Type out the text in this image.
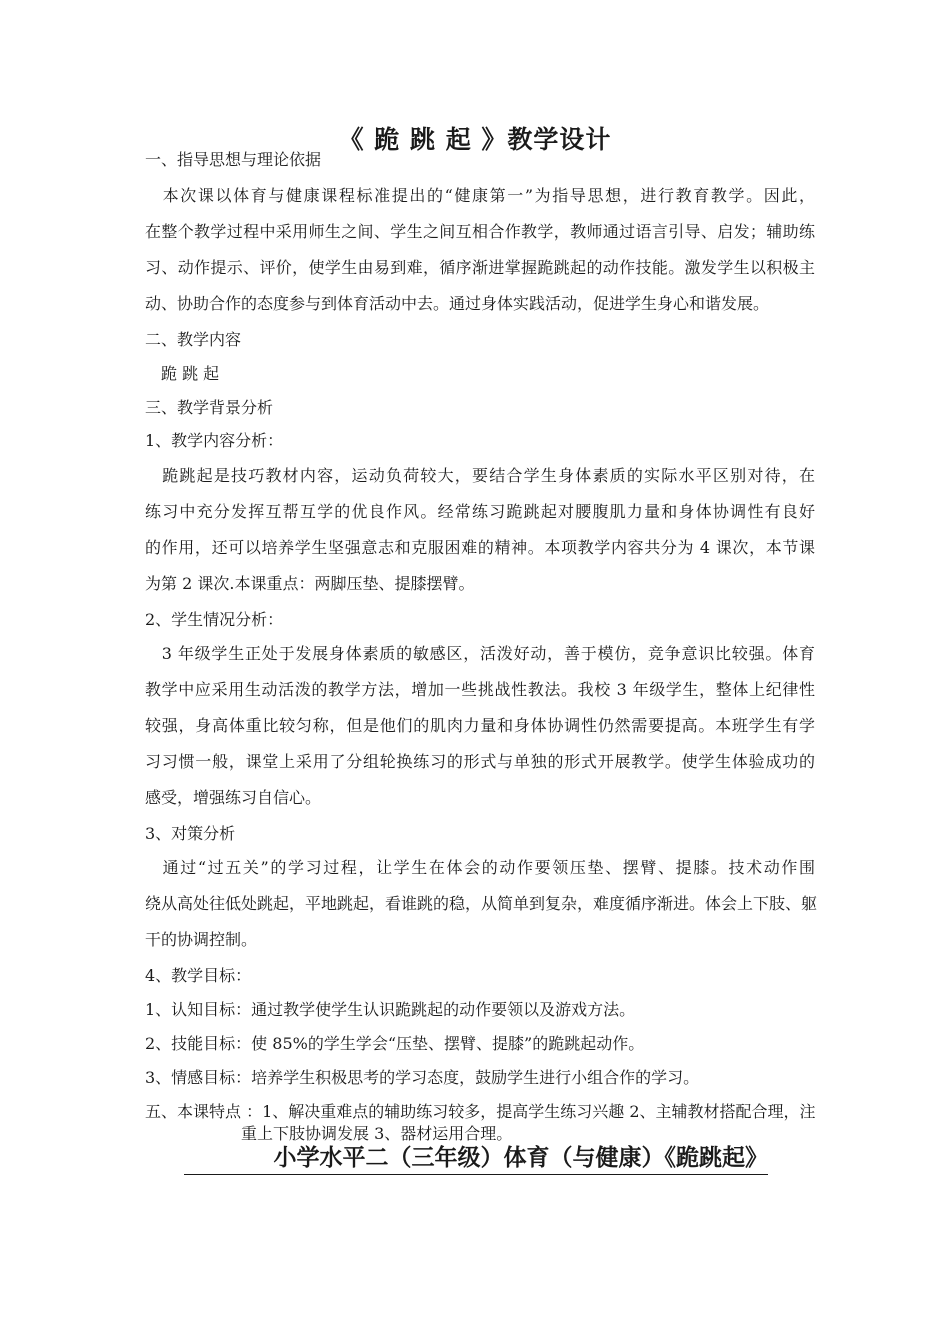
《 跪 跳 起 》教学设计
一、指导思想与理论依据
　本次课以体育与健康课程标准提出的“健康第一”为指导思想，进行教育教学。因此，
在整个教学过程中采用师生之间、学生之间互相合作教学，教师通过语言引导、启发；辅助练
习、动作提示、评价，使学生由易到难，循序渐进掌握跪跳起的动作技能。激发学生以积极主
动、协助合作的态度参与到体育活动中去。通过身体实践活动，促进学生身心和谐发展。
二、教学内容
　跪 跳 起
三、教学背景分析
1、教学内容分析：
　跪跳起是技巧教材内容，运动负荷较大，要结合学生身体素质的实际水平区别对待，在
练习中充分发挥互帮互学的优良作风。经常练习跪跳起对腰腹肌力量和身体协调性有良好
的作用，还可以培养学生坚强意志和克服困难的精神。本项教学内容共分为 4 课次，本节课
为第 2 课次.本课重点：两脚压垫、提膝摆臂。
2、学生情况分析：
　3 年级学生正处于发展身体素质的敏感区，活泼好动，善于模仿，竞争意识比较强。体育
教学中应采用生动活泼的教学方法，增加一些挑战性教法。我校 3 年级学生，整体上纪律性
较强，身高体重比较匀称，但是他们的肌肉力量和身体协调性仍然需要提高。本班学生有学
习习惯一般，课堂上采用了分组轮换练习的形式与单独的形式开展教学。使学生体验成功的
感受，增强练习自信心。
3、对策分析
　通过“过五关”的学习过程，让学生在体会的动作要领压垫、摆臂、提膝。技术动作围
绕从高处往低处跳起，平地跳起，看谁跳的稳，从简单到复杂，难度循序渐进。体会上下肢、躯
干的协调控制。
4、教学目标：
1、认知目标：通过教学使学生认识跪跳起的动作要领以及游戏方法。
2、技能目标：使 85%的学生学会“压垫、摆臂、提膝”的跪跳起动作。
3、情感目标：培养学生积极思考的学习态度，鼓励学生进行小组合作的学习。
五、本课特点 ：1、解决重难点的辅助练习较多，提高学生练习兴趣 2、主辅教材搭配合理，注
　　　　　　重上下肢协调发展 3、器材运用合理。
小学水平二（三年级）体育（与健康）《跪跳起》
